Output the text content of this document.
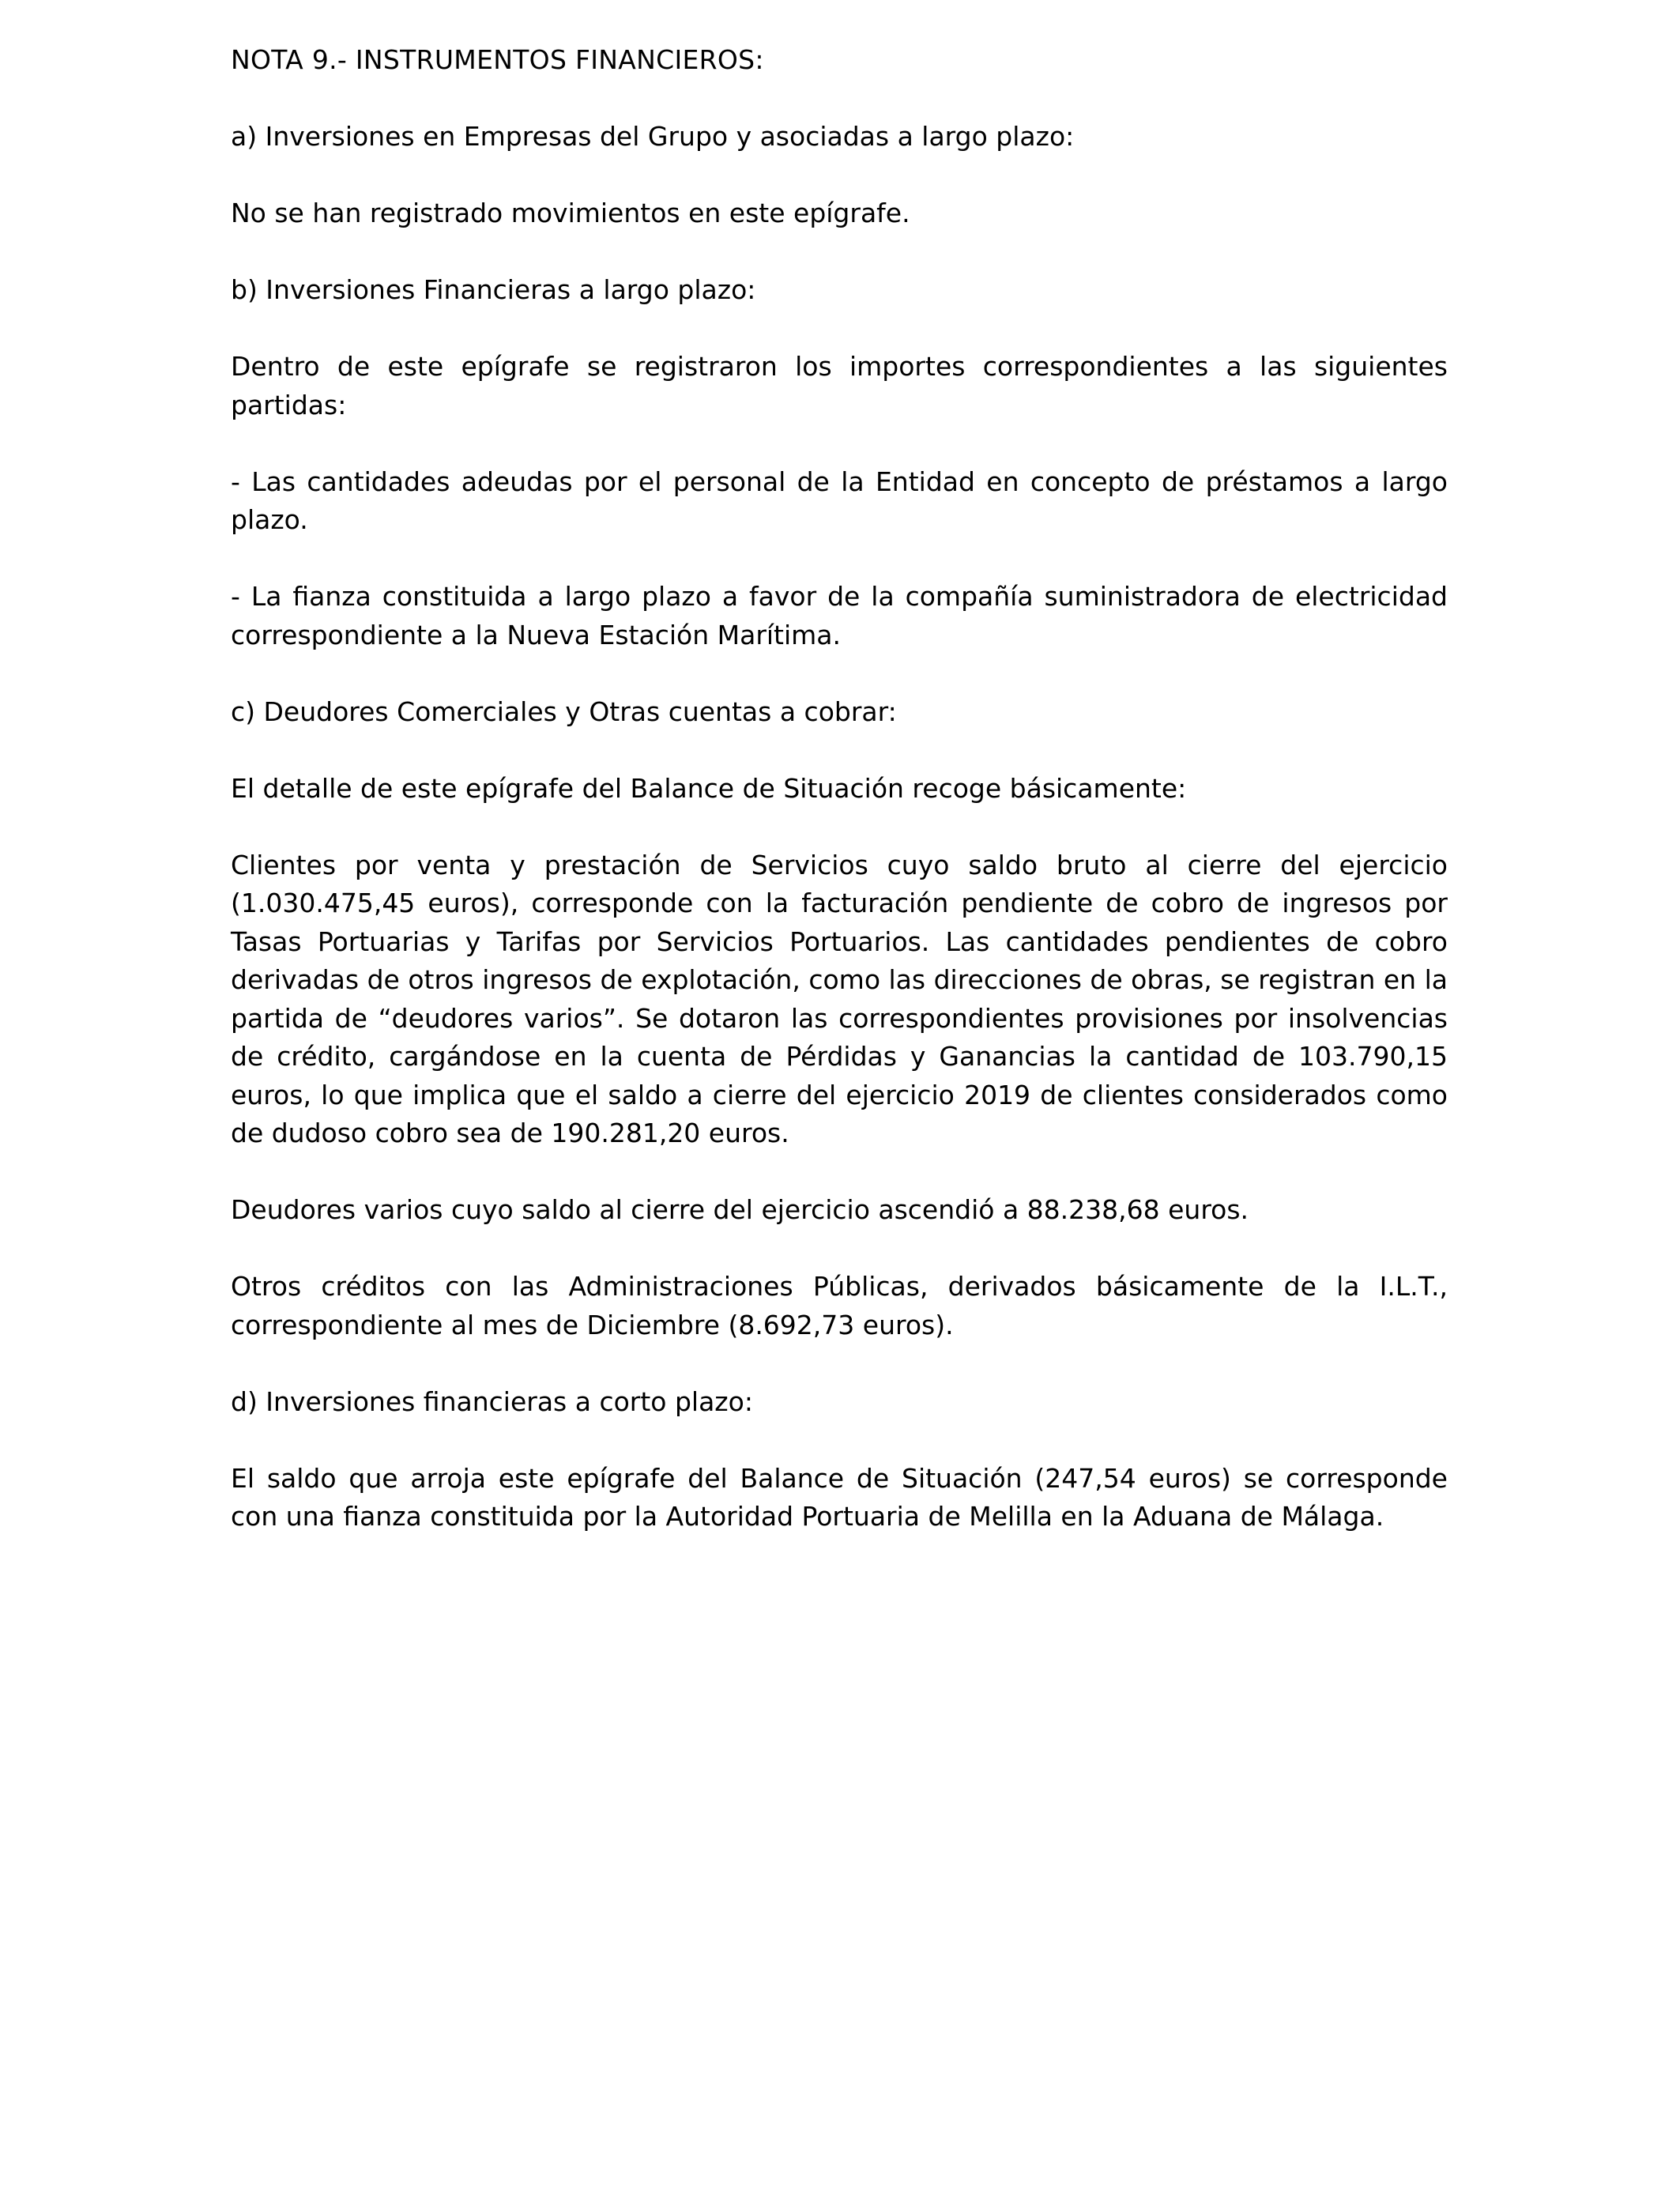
NOTA 9.- INSTRUMENTOS FINANCIEROS:

a) Inversiones en Empresas del Grupo y asociadas a largo plazo:

No se han registrado movimientos en este epígrafe.

b) Inversiones Financieras a largo plazo:

Dentro de este epígrafe se registraron los importes correspondientes a las siguientes partidas:

- Las cantidades adeudas por el personal de la Entidad en concepto de préstamos a largo plazo.

- La fianza constituida a largo plazo a favor de la compañía suministradora de electricidad correspondiente a la Nueva Estación Marítima.

c) Deudores Comerciales y Otras cuentas a cobrar:

El detalle de este epígrafe del Balance de Situación recoge básicamente:

Clientes por venta y prestación de Servicios cuyo saldo bruto al cierre del ejercicio (1.030.475,45 euros), corresponde con la facturación pendiente de cobro de ingresos por Tasas Portuarias y Tarifas por Servicios Portuarios. Las cantidades pendientes de cobro derivadas de otros ingresos de explotación, como las direcciones de obras, se registran en la partida de “deudores varios”. Se dotaron las correspondientes provisiones por insolvencias de crédito, cargándose en la cuenta de Pérdidas y Ganancias la cantidad de 103.790,15 euros, lo que implica que el saldo a cierre del ejercicio 2019 de clientes considerados como de dudoso cobro sea de 190.281,20 euros.

Deudores varios cuyo saldo al cierre del ejercicio ascendió a 88.238,68 euros.

Otros créditos con las Administraciones Públicas, derivados básicamente de la I.L.T., correspondiente al mes de Diciembre (8.692,73 euros).

d) Inversiones financieras a corto plazo:

El saldo que arroja este epígrafe del Balance de Situación (247,54 euros) se corresponde con una fianza constituida por la Autoridad Portuaria de Melilla en la Aduana de Málaga.
